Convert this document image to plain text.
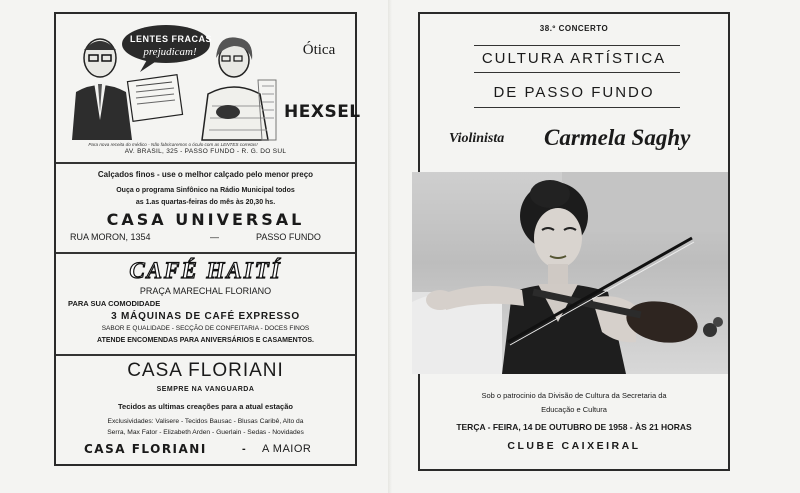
LENTES FRACAS
prejudicam!
Para nova receita do médico - Não fabricaremos o óculo com as LENTES corretas!
Ótica
HEXSEL
AV. BRASIL, 325 - PASSO FUNDO - R. G. DO SUL
Calçados finos - use o melhor calçado pelo menor preço
Ouça o programa Sinfônico na Rádio Municipal todos
as 1.as quartas-feiras do mês às 20,30 hs.
CASA UNIVERSAL
RUA MORON, 1354	—	PASSO FUNDO
CAFÉ HAITÍ
PRAÇA MARECHAL FLORIANO
PARA SUA COMODIDADE
3 MÁQUINAS DE CAFÉ EXPRESSO
SABOR E QUALIDADE - SECÇÃO DE CONFEITARIA - DOCES FINOS
ATENDE ENCOMENDAS PARA ANIVERSÁRIOS E CASAMENTOS.
CASA FLORIANI
SEMPRE NA VANGUARDA
Tecidos as ultimas creações para a atual estação
Exclusividades: Valisere - Tecidos Bausac - Blusas Caribê, Alto da
Serra, Max Fator - Elizabeth Arden - Guerlain - Sedas - Novidades
CASA FLORIANI	- A MAIOR
38.º CONCERTO
CULTURA ARTÍSTICA
DE PASSO FUNDO
Violinista Carmela Saghy
Sob o patrocinio da Divisão de Cultura da Secretaria da
Educação e Cultura
TERÇA - FEIRA, 14 DE OUTUBRO DE 1958 - ÀS 21 HORAS
CLUBE CAIXEIRAL
